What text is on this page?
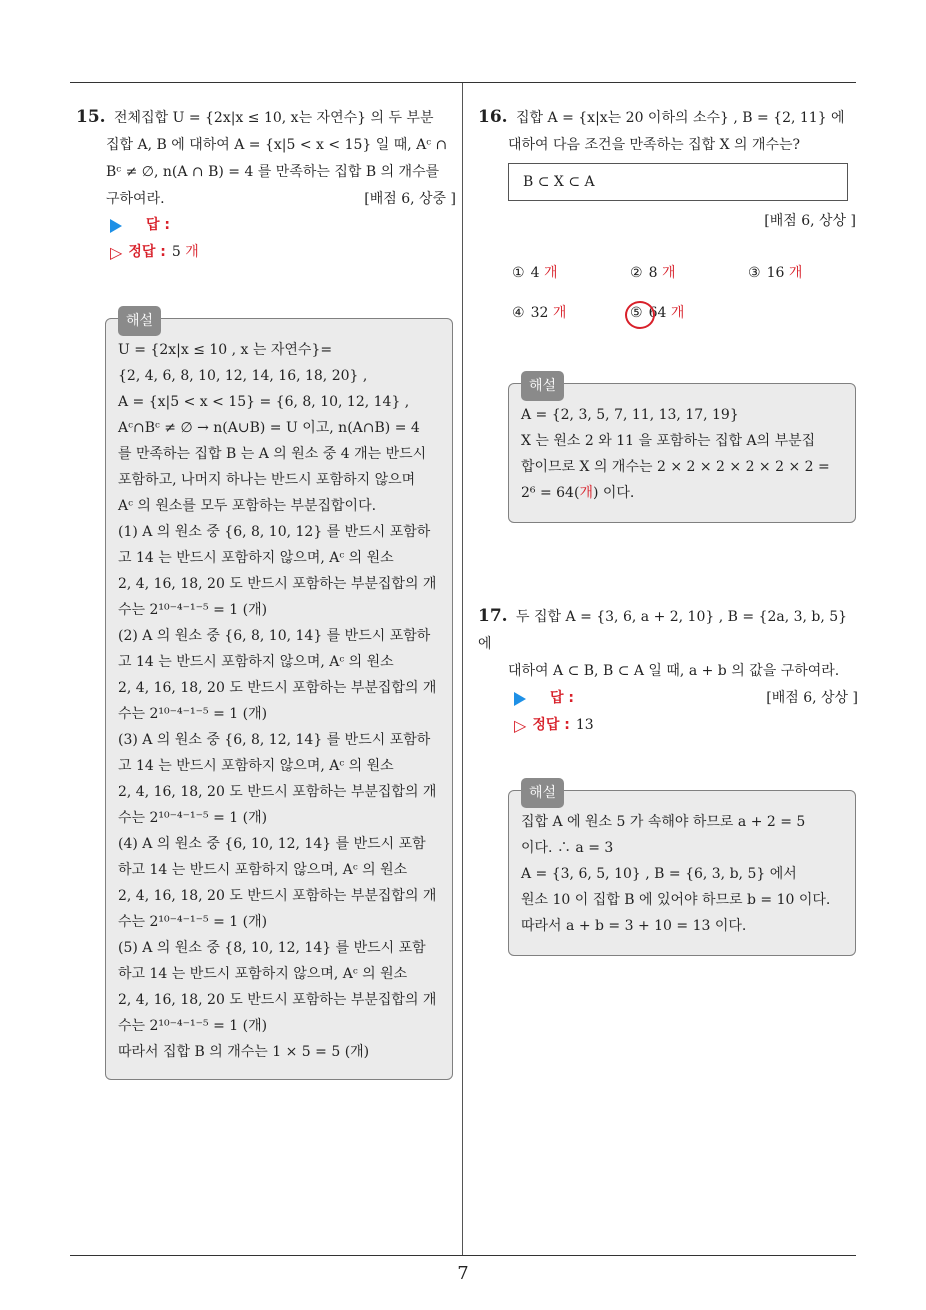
15. 전체집합 U = {2x|x ≤ 10, x는 자연수} 의 두 부분
집합 A, B 에 대하여 A = {x|5 < x < 15} 일 때, Aᶜ ∩
Bᶜ ≠ ∅, n(A ∩ B) = 4 를 만족하는 집합 B 의 개수를
구하여라.	[배점 6, 상중 ]
답 :
▷ 정답 : 5 개
해설
U = {2x|x ≤ 10 , x 는 자연수}=
{2, 4, 6, 8, 10, 12, 14, 16, 18, 20} ,
A = {x|5 < x < 15} = {6, 8, 10, 12, 14} ,
Aᶜ∩Bᶜ ≠ ∅ → n(A∪B) = U 이고, n(A∩B) = 4
를 만족하는 집합 B 는 A 의 원소 중 4 개는 반드시
포함하고, 나머지 하나는 반드시 포함하지 않으며
Aᶜ 의 원소를 모두 포함하는 부분집합이다.
(1) A 의 원소 중 {6, 8, 10, 12} 를 반드시 포함하
고 14 는 반드시 포함하지 않으며, Aᶜ 의 원소
2, 4, 16, 18, 20 도 반드시 포함하는 부분집합의 개
수는 2¹⁰⁻⁴⁻¹⁻⁵ = 1 (개)
(2) A 의 원소 중 {6, 8, 10, 14} 를 반드시 포함하
고 14 는 반드시 포함하지 않으며, Aᶜ 의 원소
2, 4, 16, 18, 20 도 반드시 포함하는 부분집합의 개
수는 2¹⁰⁻⁴⁻¹⁻⁵ = 1 (개)
(3) A 의 원소 중 {6, 8, 12, 14} 를 반드시 포함하
고 14 는 반드시 포함하지 않으며, Aᶜ 의 원소
2, 4, 16, 18, 20 도 반드시 포함하는 부분집합의 개
수는 2¹⁰⁻⁴⁻¹⁻⁵ = 1 (개)
(4) A 의 원소 중 {6, 10, 12, 14} 를 반드시 포함
하고 14 는 반드시 포함하지 않으며, Aᶜ 의 원소
2, 4, 16, 18, 20 도 반드시 포함하는 부분집합의 개
수는 2¹⁰⁻⁴⁻¹⁻⁵ = 1 (개)
(5) A 의 원소 중 {8, 10, 12, 14} 를 반드시 포함
하고 14 는 반드시 포함하지 않으며, Aᶜ 의 원소
2, 4, 16, 18, 20 도 반드시 포함하는 부분집합의 개
수는 2¹⁰⁻⁴⁻¹⁻⁵ = 1 (개)
따라서 집합 B 의 개수는 1 × 5 = 5 (개)
16. 집합 A = {x|x는 20 이하의 소수} , B = {2, 11} 에
대하여 다음 조건을 만족하는 집합 X 의 개수는?
B ⊂ X ⊂ A
[배점 6, 상상 ]
① 4 개	② 8 개	③ 16 개
④ 32 개	⑤ 64 개
해설
A = {2, 3, 5, 7, 11, 13, 17, 19}
X 는 원소 2 와 11 을 포함하는 집합 A의 부분집
합이므로 X 의 개수는 2 × 2 × 2 × 2 × 2 × 2 =
2⁶ = 64(개) 이다.
17. 두 집합 A = {3, 6, a + 2, 10} , B = {2a, 3, b, 5} 에
대하여 A ⊂ B, B ⊂ A 일 때, a + b 의 값을 구하여라.
[배점 6, 상상 ]
답 :
▷ 정답 : 13
해설
집합 A 에 원소 5 가 속해야 하므로 a + 2 = 5
이다. ∴ a = 3
A = {3, 6, 5, 10} , B = {6, 3, b, 5} 에서
원소 10 이 집합 B 에 있어야 하므로 b = 10 이다.
따라서 a + b = 3 + 10 = 13 이다.
7
